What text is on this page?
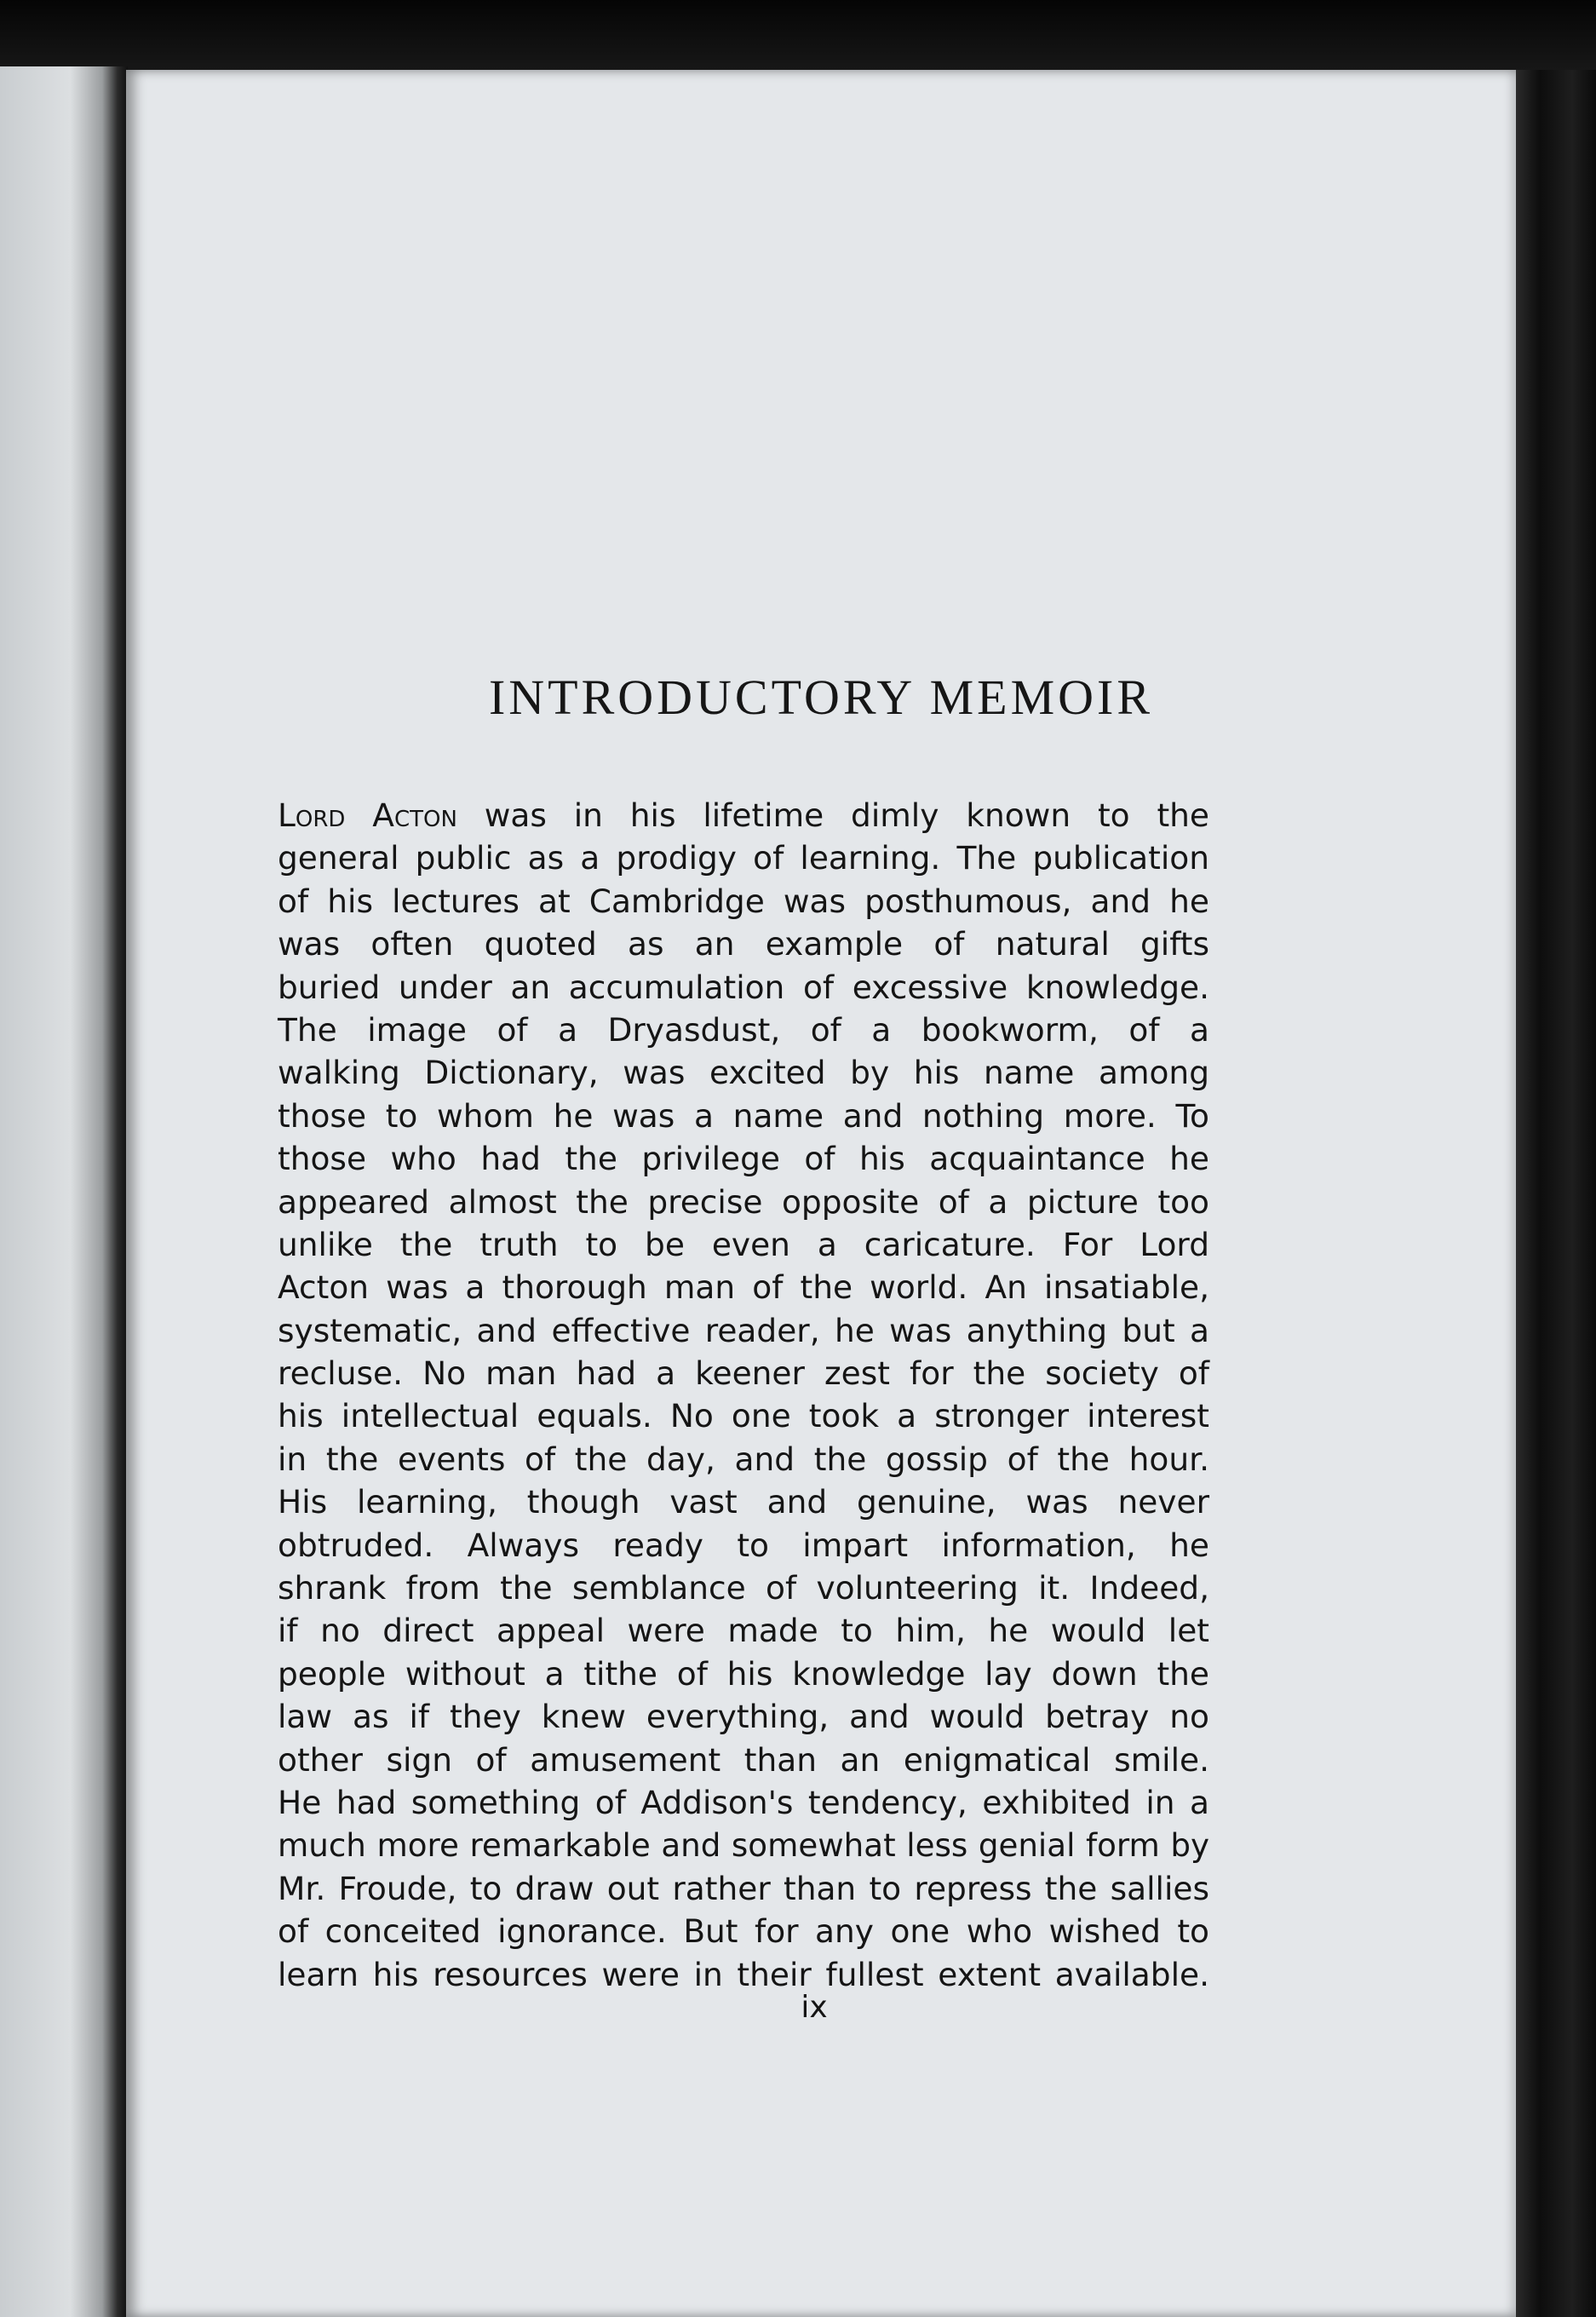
INTRODUCTORY MEMOIR
Lord Acton was in his lifetime dimly known to the
general public as a prodigy of learning. The publication
of his lectures at Cambridge was posthumous, and he
was often quoted as an example of natural gifts
buried under an accumulation of excessive knowledge.
The image of a Dryasdust, of a bookworm, of a
walking Dictionary, was excited by his name among
those to whom he was a name and nothing more. To
those who had the privilege of his acquaintance he
appeared almost the precise opposite of a picture too
unlike the truth to be even a caricature. For Lord
Acton was a thorough man of the world. An insatiable,
systematic, and effective reader, he was anything but a
recluse. No man had a keener zest for the society of
his intellectual equals. No one took a stronger interest
in the events of the day, and the gossip of the hour.
His learning, though vast and genuine, was never
obtruded. Always ready to impart information, he
shrank from the semblance of volunteering it. Indeed,
if no direct appeal were made to him, he would let
people without a tithe of his knowledge lay down the
law as if they knew everything, and would betray no
other sign of amusement than an enigmatical smile.
He had something of Addison's tendency, exhibited in a
much more remarkable and somewhat less genial form by
Mr. Froude, to draw out rather than to repress the sallies
of conceited ignorance. But for any one who wished to
learn his resources were in their fullest extent available.

ix
